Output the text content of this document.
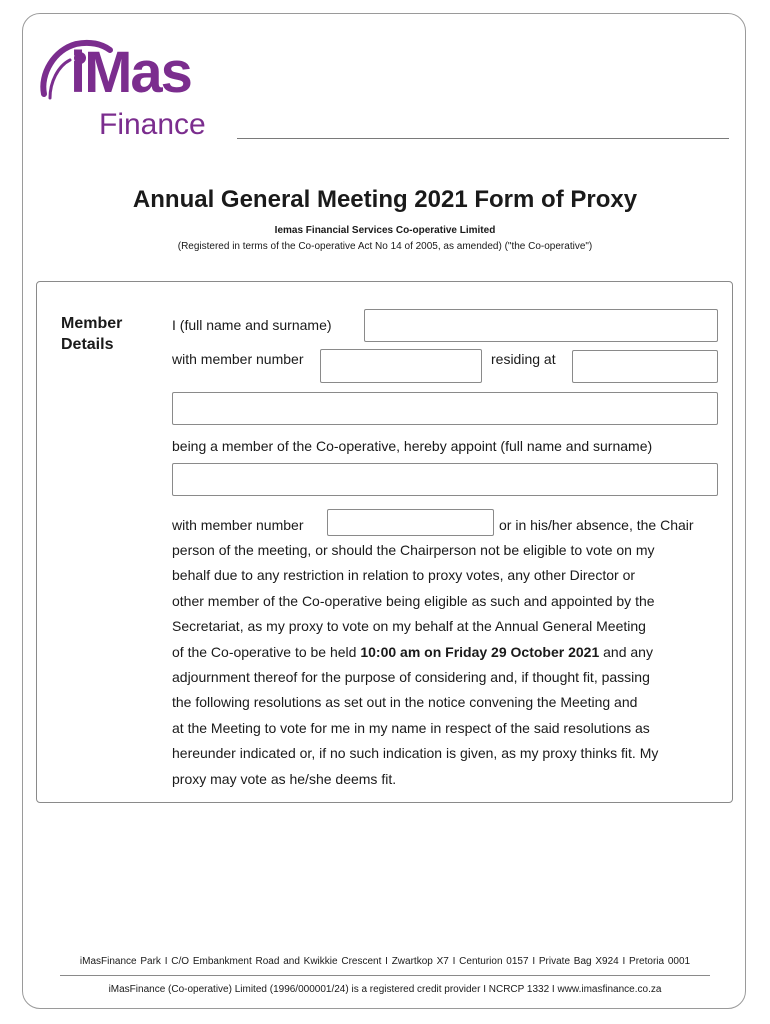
iMas
Finance
Annual General Meeting 2021 Form of Proxy
Iemas Financial Services Co-operative Limited
(Registered in terms of the Co-operative Act No 14 of 2005, as amended) ("the Co-operative")
Member
Details
I (full name and surname)
with member number	residing at
being a member of the Co-operative, hereby appoint (full name and surname)
with member number	or in his/her absence, the Chair

person of the meeting, or should the Chairperson not be eligible to vote on my

behalf due to any restriction in relation to proxy votes, any other Director or

other member of the Co-operative being eligible as such and appointed by the

Secretariat, as my proxy to vote on my behalf at the Annual General Meeting

of the Co-operative to be held 10:00 am on Friday 29 October 2021 and any

adjournment thereof for the purpose of considering and, if thought fit, passing

the following resolutions as set out in the notice convening the Meeting and

at the Meeting to vote for me in my name in respect of the said resolutions as

hereunder indicated or, if no such indication is given, as my proxy thinks fit. My

proxy may vote as he/she deems fit.

iMasFinance Park I C/O Embankment Road and Kwikkie Crescent I Zwartkop X7 I Centurion 0157 I Private Bag X924 I Pretoria 0001
iMasFinance (Co-operative) Limited (1996/000001/24) is a registered credit provider I NCRCP 1332 I www.imasfinance.co.za
